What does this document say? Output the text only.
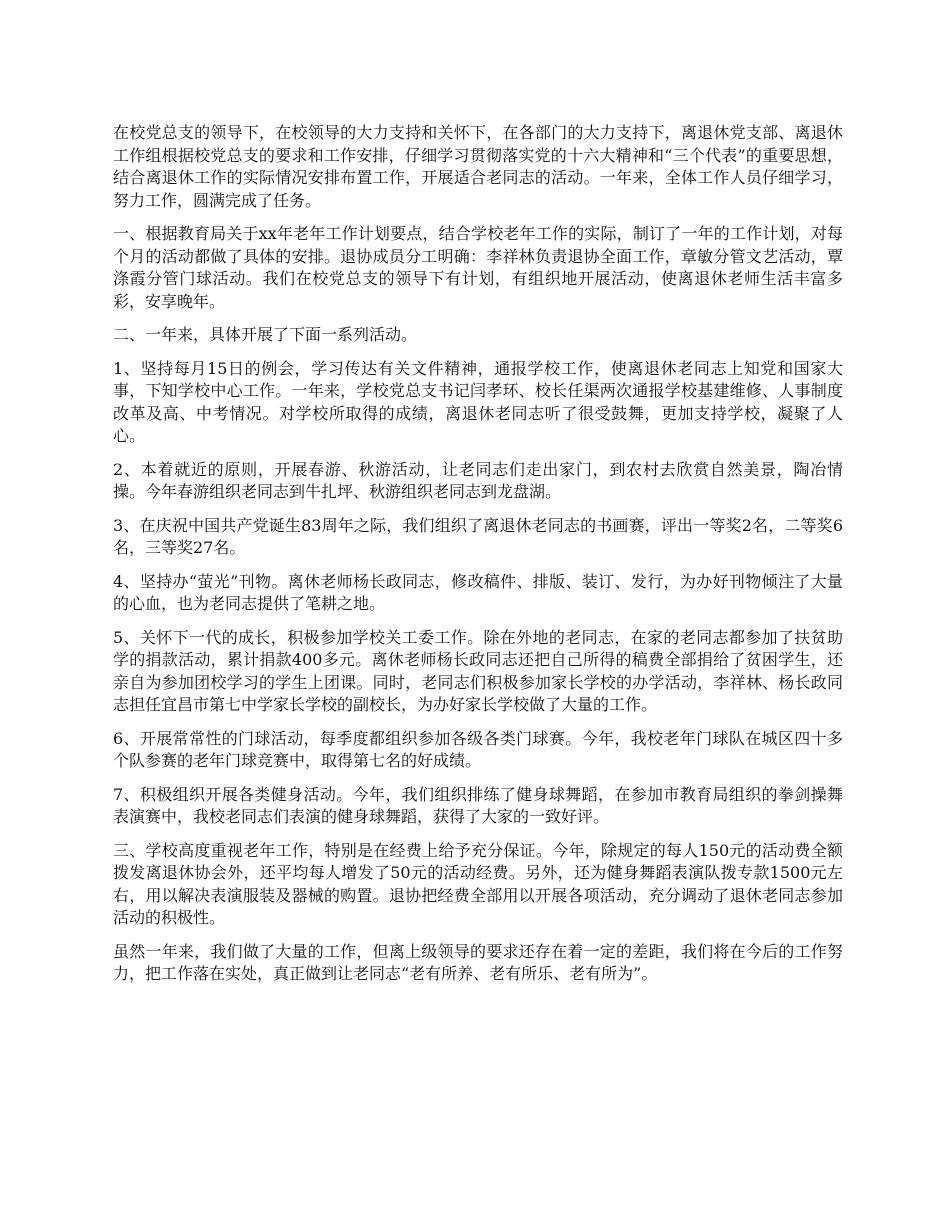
在校党总支的领导下，在校领导的大力支持和关怀下，在各部门的大力支持下，离退休党支部、离退休工作组根据校党总支的要求和工作安排，仔细学习贯彻落实党的十六大精神和“三个代表”的重要思想，结合离退休工作的实际情况安排布置工作，开展适合老同志的活动。一年来，全体工作人员仔细学习，努力工作，圆满完成了任务。

一、根据教育局关于xx年老年工作计划要点，结合学校老年工作的实际，制订了一年的工作计划，对每个月的活动都做了具体的安排。退协成员分工明确：李祥林负责退协全面工作，章敏分管文艺活动，覃涤霞分管门球活动。我们在校党总支的领导下有计划，有组织地开展活动，使离退休老师生活丰富多彩，安享晚年。

二、一年来，具体开展了下面一系列活动。

1、坚持每月15日的例会，学习传达有关文件精神，通报学校工作，使离退休老同志上知党和国家大事，下知学校中心工作。一年来，学校党总支书记闫孝环、校长任渠两次通报学校基建维修、人事制度改革及高、中考情况。对学校所取得的成绩，离退休老同志听了很受鼓舞，更加支持学校，凝聚了人心。

2、本着就近的原则，开展春游、秋游活动，让老同志们走出家门，到农村去欣赏自然美景，陶冶情操。今年春游组织老同志到牛扎坪、秋游组织老同志到龙盘湖。

3、在庆祝中国共产党诞生83周年之际，我们组织了离退休老同志的书画赛，评出一等奖2名，二等奖6名，三等奖27名。

4、坚持办“萤光”刊物。离休老师杨长政同志，修改稿件、排版、装订、发行，为办好刊物倾注了大量的心血，也为老同志提供了笔耕之地。

5、关怀下一代的成长，积极参加学校关工委工作。除在外地的老同志，在家的老同志都参加了扶贫助学的捐款活动，累计捐款400多元。离休老师杨长政同志还把自己所得的稿费全部捐给了贫困学生，还亲自为参加团校学习的学生上团课。同时，老同志们积极参加家长学校的办学活动，李祥林、杨长政同志担任宜昌市第七中学家长学校的副校长，为办好家长学校做了大量的工作。

6、开展常常性的门球活动，每季度都组织参加各级各类门球赛。今年，我校老年门球队在城区四十多个队参赛的老年门球竞赛中，取得第七名的好成绩。

7、积极组织开展各类健身活动。今年，我们组织排练了健身球舞蹈，在参加市教育局组织的拳剑操舞表演赛中，我校老同志们表演的健身球舞蹈，获得了大家的一致好评。

三、学校高度重视老年工作，特别是在经费上给予充分保证。今年，除规定的每人150元的活动费全额拨发离退休协会外，还平均每人增发了50元的活动经费。另外，还为健身舞蹈表演队拨专款1500元左右，用以解决表演服装及器械的购置。退协把经费全部用以开展各项活动，充分调动了退休老同志参加活动的积极性。

虽然一年来，我们做了大量的工作，但离上级领导的要求还存在着一定的差距，我们将在今后的工作努力，把工作落在实处，真正做到让老同志“老有所养、老有所乐、老有所为”。
